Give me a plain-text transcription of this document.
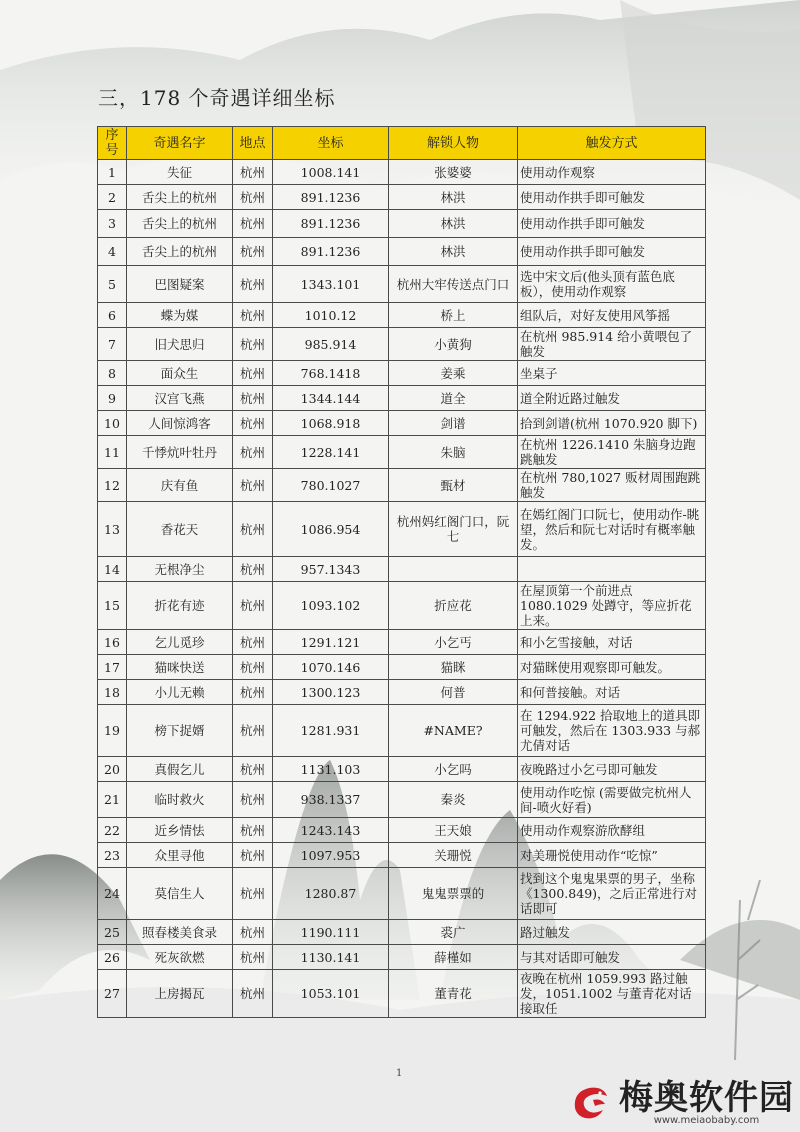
三，178 个奇遇详细坐标
序号	奇遇名字	地点	坐标	解锁人物	触发方式
1	失征	杭州	1008.141	张婆婆	使用动作观察
2	舌尖上的杭州	杭州	891.1236	林洪	使用动作拱手即可触发
3	舌尖上的杭州	杭州	891.1236	林洪	使用动作拱手即可触发
4	舌尖上的杭州	杭州	891.1236	林洪	使用动作拱手即可触发
5	巴图疑案	杭州	1343.101	杭州大牢传送点门口	选中宋文后(他头顶有蓝色底板），使用动作观察
6	蝶为媒	杭州	1010.12	桥上	组队后，对好友使用风筝摇
7	旧犬思归	杭州	985.914	小黄狗	在杭州 985.914 给小黄喂包了触发
8	面众生	杭州	768.1418	姜乘	坐桌子
9	汉宫飞燕	杭州	1344.144	道全	道全附近路过触发
10	人间惊鸿客	杭州	1068.918	剑谱	拾到剑谱(杭州 1070.920 脚下)
11	千悸炕叶牡丹	杭州	1228.141	朱脑	在杭州 1226.1410 朱脑身边跑跳触发
12	庆有鱼	杭州	780.1027	甄材	在杭州 780,1027 贩材周围跑跳触发
13	香花天	杭州	1086.954	杭州妈红阁门口，阮七	在嫣红阁门口阮七，使用动作-眺望，然后和阮七对话时有概率触发。
14	无根净尘	杭州	957.1343		
15	折花有迹	杭州	1093.102	折应花	在屋顶第一个前进点 1080.1029 处蹲守，等应折花上来。
16	乞儿觅珍	杭州	1291.121	小乞丐	和小乞雪接触，对话
17	猫咪快送	杭州	1070.146	猫眯	对猫眯使用观察即可触发。
18	小儿无赖	杭州	1300.123	何普	和何普接触。对话
19	榜下捉婿	杭州	1281.931	#NAME?	在 1294.922 拾取地上的道具即可触发，然后在 1303.933 与郝尤倩对话
20	真假乞儿	杭州	1131.103	小乞吗	夜晚路过小乞弓即可触发
21	临时救火	杭州	938.1337	秦炎	使用动作吃惊 (需要做完杭州人间-喷火好看)
22	近乡情怯	杭州	1243.143	王天娘	使用动作观察游欣酵组
23	众里寻他	杭州	1097.953	关珊悦	对美珊悦使用动作“吃惊”
24	莫信生人	杭州	1280.87	鬼鬼票票的	找到这个鬼鬼果票的男子，坐称《1300.849)，之后正常进行对话即可
25	照春楼美食录	杭州	1190.111	裘广	路过触发
26	死灰欲燃	杭州	1130.141	薛槿如	与其对话即可触发
27	上房揭瓦	杭州	1053.101	董青花	夜晚在杭州 1059.993 路过触发，1051.1002 与董青花对话接取任
1
梅奥软件园
www.meiaobaby.com
